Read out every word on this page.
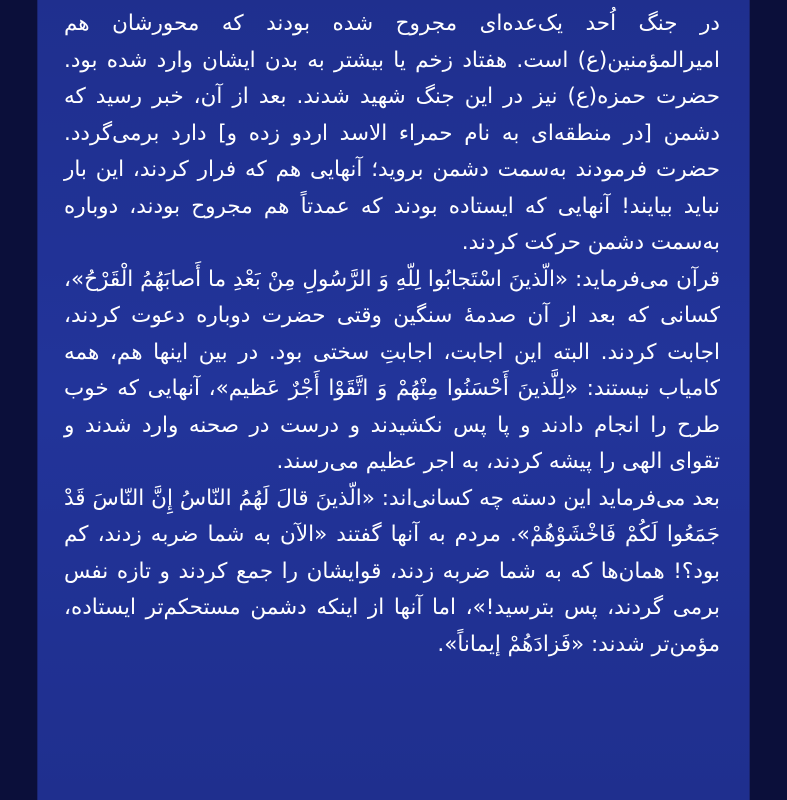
در جنگ اُحد یک‌عده‌ای مجروح شده بودند که محورشان هم امیرالمؤمنین(ع) است. هفتاد زخم یا بیشتر به بدن ایشان وارد شده بود. حضرت حمزه(ع) نیز در این جنگ شهید شدند. بعد از آن، خبر رسید که دشمن [در منطقه‌ای به نام حمراء الاسد اردو زده و] دارد برمی‌گردد. حضرت فرمودند به‌سمت دشمن بروید؛ آنهایی هم که فرار کردند، این بار نباید بیایند! آنهایی که ایستاده بودند که عمدتاً هم مجروح بودند، دوباره به‌سمت دشمن حرکت کردند.

قرآن می‌فرماید: «الّذینَ اسْتَجابُوا لِلّهِ وَ الرَّسُولِ مِنْ بَعْدِ ما أَصابَهُمُ الْقَرْحُ»، کسانی که بعد از آن صدمهٔ سنگین وقتی حضرت دوباره دعوت کردند، اجابت کردند. البته این اجابت، اجابتِ سختی بود. در بین اینها هم، همه کامیاب نیستند: «لِلَّذینَ أَحْسَنُوا مِنْهُمْ وَ اتَّقَوْا أَجْرٌ عَظیم»، آنهایی که خوب طرح را انجام دادند و پا پس نکشیدند و درست در صحنه وارد شدند و تقوای الهی را پیشه کردند، به اجر عظیم می‌رسند.

بعد می‌فرماید این دسته چه کسانی‌اند: «الّذینَ قالَ لَهُمُ النّاسُ إِنَّ النّاسَ قَدْ جَمَعُوا لَکُمْ فَاخْشَوْهُمْ». مردم به آنها گفتند «الآن به شما ضربه زدند، کم بود؟! همان‌ها که به شما ضربه زدند، قوایشان را جمع کردند و تازه نفس برمی گردند، پس بترسید!»، اما آنها از اینکه دشمن مستحکم‌تر ایستاده، مؤمن‌تر شدند: «فَزادَهُمْ إیماناً».
